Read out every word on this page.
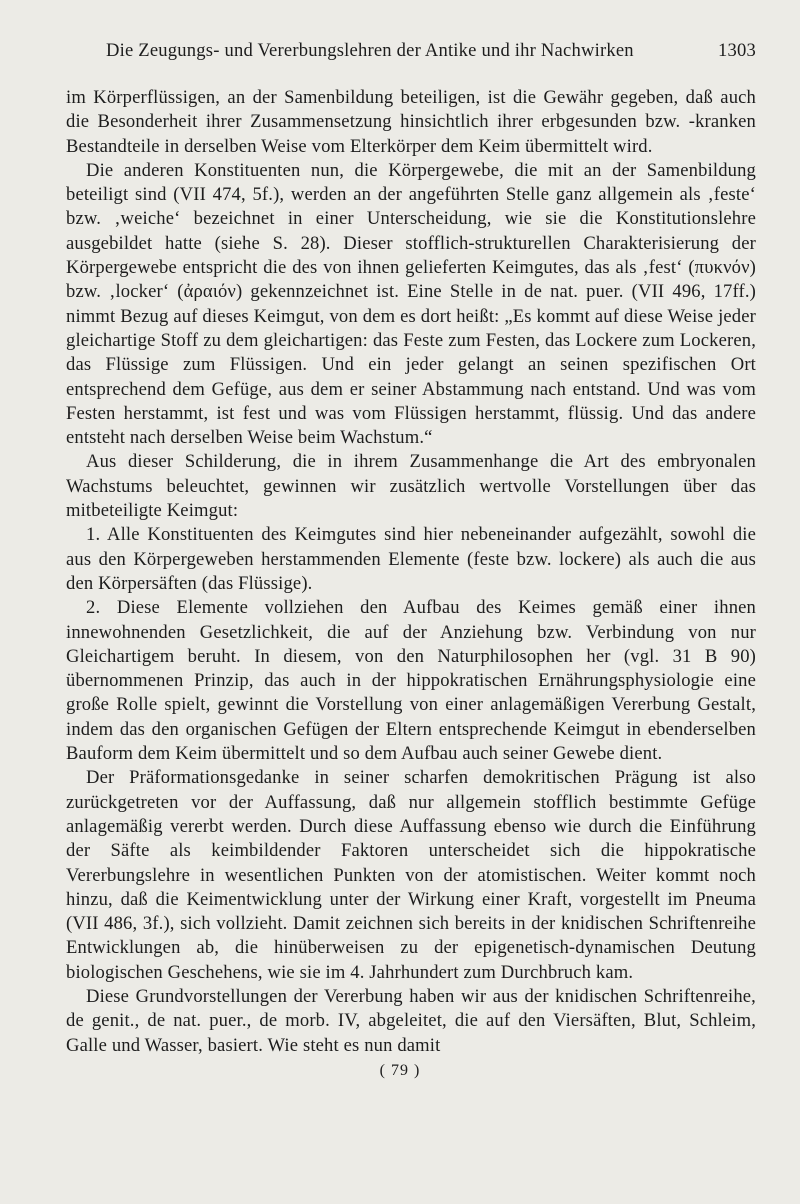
Die Zeugungs- und Vererbungslehren der Antike und ihr Nachwirken	1303

im Körperflüssigen, an der Samenbildung beteiligen, ist die Gewähr gegeben, daß auch die Besonderheit ihrer Zusammensetzung hinsichtlich ihrer erbgesunden bzw. -kranken Bestandteile in derselben Weise vom Elterkörper dem Keim übermittelt wird.

Die anderen Konstituenten nun, die Körpergewebe, die mit an der Samenbildung beteiligt sind (VII 474, 5f.), werden an der angeführten Stelle ganz allgemein als ‚feste‘ bzw. ‚weiche‘ bezeichnet in einer Unterscheidung, wie sie die Konstitutionslehre ausgebildet hatte (siehe S. 28). Dieser stofflich-strukturellen Charakterisierung der Körpergewebe entspricht die des von ihnen gelieferten Keimgutes, das als ‚fest‘ (πυκνόν) bzw. ‚locker‘ (ἀραιόν) gekennzeichnet ist. Eine Stelle in de nat. puer. (VII 496, 17ff.) nimmt Bezug auf dieses Keimgut, von dem es dort heißt: „Es kommt auf diese Weise jeder gleichartige Stoff zu dem gleichartigen: das Feste zum Festen, das Lockere zum Lockeren, das Flüssige zum Flüssigen. Und ein jeder gelangt an seinen spezifischen Ort entsprechend dem Gefüge, aus dem er seiner Abstammung nach entstand. Und was vom Festen herstammt, ist fest und was vom Flüssigen herstammt, flüssig. Und das andere entsteht nach derselben Weise beim Wachstum.“

Aus dieser Schilderung, die in ihrem Zusammenhange die Art des embryonalen Wachstums beleuchtet, gewinnen wir zusätzlich wertvolle Vorstellungen über das mitbeteiligte Keimgut:

1. Alle Konstituenten des Keimgutes sind hier nebeneinander aufgezählt, sowohl die aus den Körpergeweben herstammenden Elemente (feste bzw. lockere) als auch die aus den Körpersäften (das Flüssige).

2. Diese Elemente vollziehen den Aufbau des Keimes gemäß einer ihnen innewohnenden Gesetzlichkeit, die auf der Anziehung bzw. Verbindung von nur Gleichartigem beruht. In diesem, von den Naturphilosophen her (vgl. 31 B 90) übernommenen Prinzip, das auch in der hippokratischen Ernährungsphysiologie eine große Rolle spielt, gewinnt die Vorstellung von einer anlagemäßigen Vererbung Gestalt, indem das den organischen Gefügen der Eltern entsprechende Keimgut in ebenderselben Bauform dem Keim übermittelt und so dem Aufbau auch seiner Gewebe dient.

Der Präformationsgedanke in seiner scharfen demokritischen Prägung ist also zurückgetreten vor der Auffassung, daß nur allgemein stofflich bestimmte Gefüge anlagemäßig vererbt werden. Durch diese Auffassung ebenso wie durch die Einführung der Säfte als keimbildender Faktoren unterscheidet sich die hippokratische Vererbungslehre in wesentlichen Punkten von der atomistischen. Weiter kommt noch hinzu, daß die Keimentwicklung unter der Wirkung einer Kraft, vorgestellt im Pneuma (VII 486, 3f.), sich vollzieht. Damit zeichnen sich bereits in der knidischen Schriftenreihe Entwicklungen ab, die hinüberweisen zu der epigenetisch-dynamischen Deutung biologischen Geschehens, wie sie im 4. Jahrhundert zum Durchbruch kam.

Diese Grundvorstellungen der Vererbung haben wir aus der knidischen Schriftenreihe, de genit., de nat. puer., de morb. IV, abgeleitet, die auf den Viersäften, Blut, Schleim, Galle und Wasser, basiert. Wie steht es nun damit

( 79 )
